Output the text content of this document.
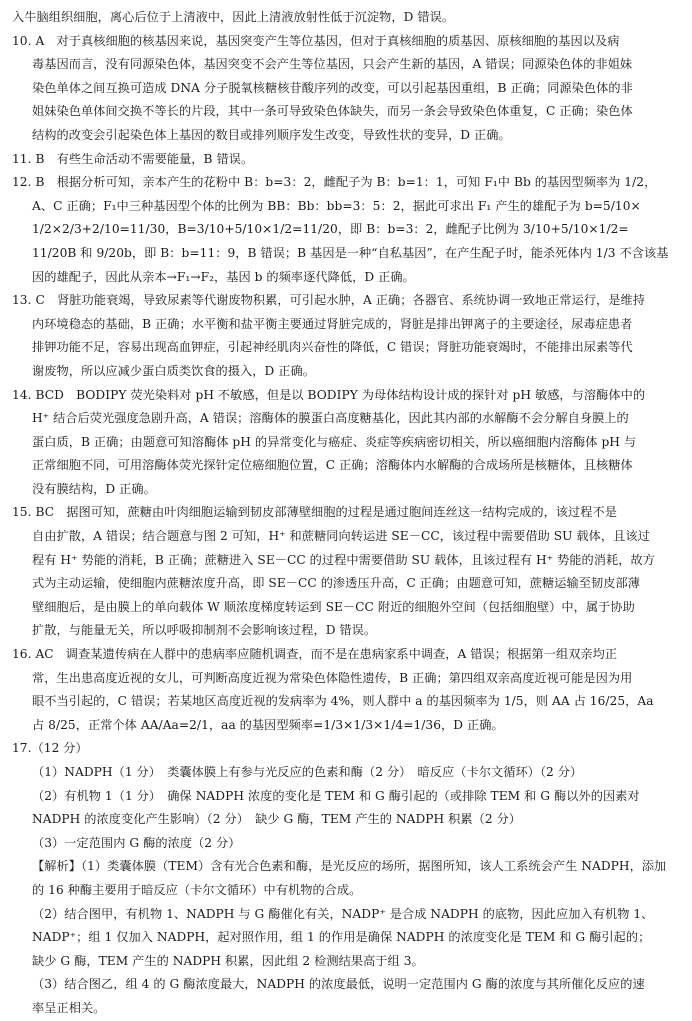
入牛脑组织细胞，离心后位于上清液中，因此上清液放射性低于沉淀物，D 错误。
10. A　对于真核细胞的核基因来说，基因突变产生等位基因，但对于真核细胞的质基因、原核细胞的基因以及病
毒基因而言，没有同源染色体，基因突变不会产生等位基因，只会产生新的基因，A 错误；同源染色体的非姐妹
染色单体之间互换可造成 DNA 分子脱氧核糖核苷酸序列的改变，可以引起基因重组，B 正确；同源染色体的非
姐妹染色单体间交换不等长的片段，其中一条可导致染色体缺失，而另一条会导致染色体重复，C 正确；染色体
结构的改变会引起染色体上基因的数目或排列顺序发生改变，导致性状的变异，D 正确。
11. B　有些生命活动不需要能量，B 错误。
12. B　根据分析可知，亲本产生的花粉中 B：b=3：2，雌配子为 B：b=1：1，可知 F₁中 Bb 的基因型频率为 1/2，
A、C 正确；F₁中三种基因型个体的比例为 BB：Bb：bb=3：5：2，据此可求出 F₁ 产生的雄配子为 b=5/10×
1/2×2/3+2/10=11/30，B=3/10+5/10×1/2=11/20，即 B：b=3：2，雌配子比例为 3/10+5/10×1/2=
11/20B 和 9/20b，即 B：b=11：9，B 错误；B 基因是一种“自私基因”，在产生配子时，能杀死体内 1/3 不含该基
因的雄配子，因此从亲本→F₁→F₂，基因 b 的频率逐代降低，D 正确。
13. C　肾脏功能衰竭，导致尿素等代谢废物积累，可引起水肿，A 正确；各器官、系统协调一致地正常运行，是维持
内环境稳态的基础，B 正确；水平衡和盐平衡主要通过肾脏完成的，肾脏是排出钾离子的主要途径，尿毒症患者
排钾功能不足，容易出现高血钾症，引起神经肌肉兴奋性的降低，C 错误；肾脏功能衰竭时，不能排出尿素等代
谢废物，所以应减少蛋白质类饮食的摄入，D 正确。
14. BCD　BODIPY 荧光染料对 pH 不敏感，但是以 BODIPY 为母体结构设计成的探针对 pH 敏感，与溶酶体中的
H⁺ 结合后荧光强度急剧升高，A 错误；溶酶体的膜蛋白高度糖基化，因此其内部的水解酶不会分解自身膜上的
蛋白质，B 正确；由题意可知溶酶体 pH 的异常变化与癌症、炎症等疾病密切相关，所以癌细胞内溶酶体 pH 与
正常细胞不同，可用溶酶体荧光探针定位癌细胞位置，C 正确；溶酶体内水解酶的合成场所是核糖体，且核糖体
没有膜结构，D 正确。
15. BC　据图可知，蔗糖由叶肉细胞运输到韧皮部薄壁细胞的过程是通过胞间连丝这一结构完成的，该过程不是
自由扩散，A 错误；结合题意与图 2 可知，H⁺ 和蔗糖同向转运进 SE－CC，该过程中需要借助 SU 载体，且该过
程有 H⁺ 势能的消耗，B 正确；蔗糖进入 SE－CC 的过程中需要借助 SU 载体，且该过程有 H⁺ 势能的消耗，故方
式为主动运输，使细胞内蔗糖浓度升高，即 SE－CC 的渗透压升高，C 正确；由题意可知，蔗糖运输至韧皮部薄
壁细胞后，是由膜上的单向载体 W 顺浓度梯度转运到 SE－CC 附近的细胞外空间（包括细胞壁）中，属于协助
扩散，与能量无关，所以呼吸抑制剂不会影响该过程，D 错误。
16. AC　调查某遗传病在人群中的患病率应随机调查，而不是在患病家系中调查，A 错误；根据第一组双亲均正
常，生出患高度近视的女儿，可判断高度近视为常染色体隐性遗传，B 正确；第四组双亲高度近视可能是因为用
眼不当引起的，C 错误；若某地区高度近视的发病率为 4%，则人群中 a 的基因频率为 1/5，则 AA 占 16/25，Aa
占 8/25，正常个体 AA/Aa=2/1，aa 的基因型频率=1/3×1/3×1/4=1/36，D 正确。
17.（12 分）
（1）NADPH（1 分）　类囊体膜上有参与光反应的色素和酶（2 分）　暗反应（卡尔文循环）（2 分）
（2）有机物 1（1 分）　确保 NADPH 浓度的变化是 TEM 和 G 酶引起的（或排除 TEM 和 G 酶以外的因素对
NADPH 的浓度变化产生影响）（2 分）　缺少 G 酶，TEM 产生的 NADPH 积累（2 分）
（3）一定范围内 G 酶的浓度（2 分）
【解析】（1）类囊体膜（TEM）含有光合色素和酶，是光反应的场所，据图所知，该人工系统会产生 NADPH，添加
的 16 种酶主要用于暗反应（卡尔文循环）中有机物的合成。
（2）结合图甲，有机物 1、NADPH 与 G 酶催化有关，NADP⁺ 是合成 NADPH 的底物，因此应加入有机物 1、
NADP⁺；组 1 仅加入 NADPH，起对照作用，组 1 的作用是确保 NADPH 的浓度变化是 TEM 和 G 酶引起的；
缺少 G 酶，TEM 产生的 NADPH 积累，因此组 2 检测结果高于组 3。
（3）结合图乙，组 4 的 G 酶浓度最大，NADPH 的浓度最低，说明一定范围内 G 酶的浓度与其所催化反应的速
率呈正相关。
